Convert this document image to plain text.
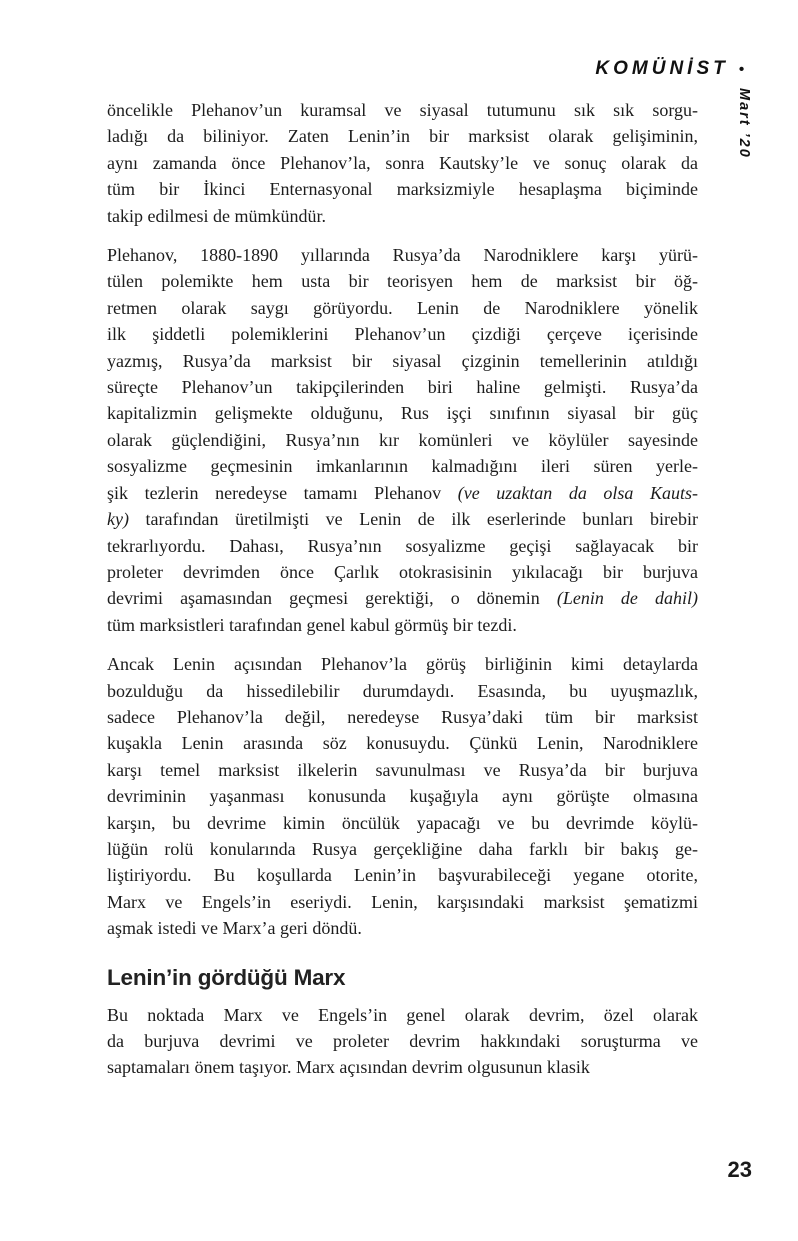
KOMÜNİST •
Mart ’20
öncelikle Plehanov’un kuramsal ve siyasal tutumunu sık sık sorgu-
ladığı da biliniyor. Zaten Lenin’in bir marksist olarak gelişiminin,
aynı zamanda önce Plehanov’la, sonra Kautsky’le ve sonuç olarak da
tüm bir İkinci Enternasyonal marksizmiyle hesaplaşma biçiminde
takip edilmesi de mümkündür.
Plehanov, 1880-1890 yıllarında Rusya’da Narodniklere karşı yürü-
tülen polemikte hem usta bir teorisyen hem de marksist bir öğ-
retmen olarak saygı görüyordu. Lenin de Narodniklere yönelik
ilk şiddetli polemiklerini Plehanov’un çizdiği çerçeve içerisinde
yazmış, Rusya’da marksist bir siyasal çizginin temellerinin atıldığı
süreçte Plehanov’un takipçilerinden biri haline gelmişti. Rusya’da
kapitalizmin gelişmekte olduğunu, Rus işçi sınıfının siyasal bir güç
olarak güçlendiğini, Rusya’nın kır komünleri ve köylüler sayesinde
sosyalizme geçmesinin imkanlarının kalmadığını ileri süren yerle-
şik tezlerin neredeyse tamamı Plehanov (ve uzaktan da olsa Kauts-
ky) tarafından üretilmişti ve Lenin de ilk eserlerinde bunları birebir
tekrarlıyordu. Dahası, Rusya’nın sosyalizme geçişi sağlayacak bir
proleter devrimden önce Çarlık otokrasisinin yıkılacağı bir burjuva
devrimi aşamasından geçmesi gerektiği, o dönemin (Lenin de dahil)
tüm marksistleri tarafından genel kabul görmüş bir tezdi.
Ancak Lenin açısından Plehanov’la görüş birliğinin kimi detaylarda
bozulduğu da hissedilebilir durumdaydı. Esasında, bu uyuşmazlık,
sadece Plehanov’la değil, neredeyse Rusya’daki tüm bir marksist
kuşakla Lenin arasında söz konusuydu. Çünkü Lenin, Narodniklere
karşı temel marksist ilkelerin savunulması ve Rusya’da bir burjuva
devriminin yaşanması konusunda kuşağıyla aynı görüşte olmasına
karşın, bu devrime kimin öncülük yapacağı ve bu devrimde köylü-
lüğün rolü konularında Rusya gerçekliğine daha farklı bir bakış ge-
liştiriyordu. Bu koşullarda Lenin’in başvurabileceği yegane otorite,
Marx ve Engels’in eseriydi. Lenin, karşısındaki marksist şematizmi
aşmak istedi ve Marx’a geri döndü.
Lenin’in gördüğü Marx
Bu noktada Marx ve Engels’in genel olarak devrim, özel olarak
da burjuva devrimi ve proleter devrim hakkındaki soruşturma ve
saptamaları önem taşıyor. Marx açısından devrim olgusunun klasik
23
